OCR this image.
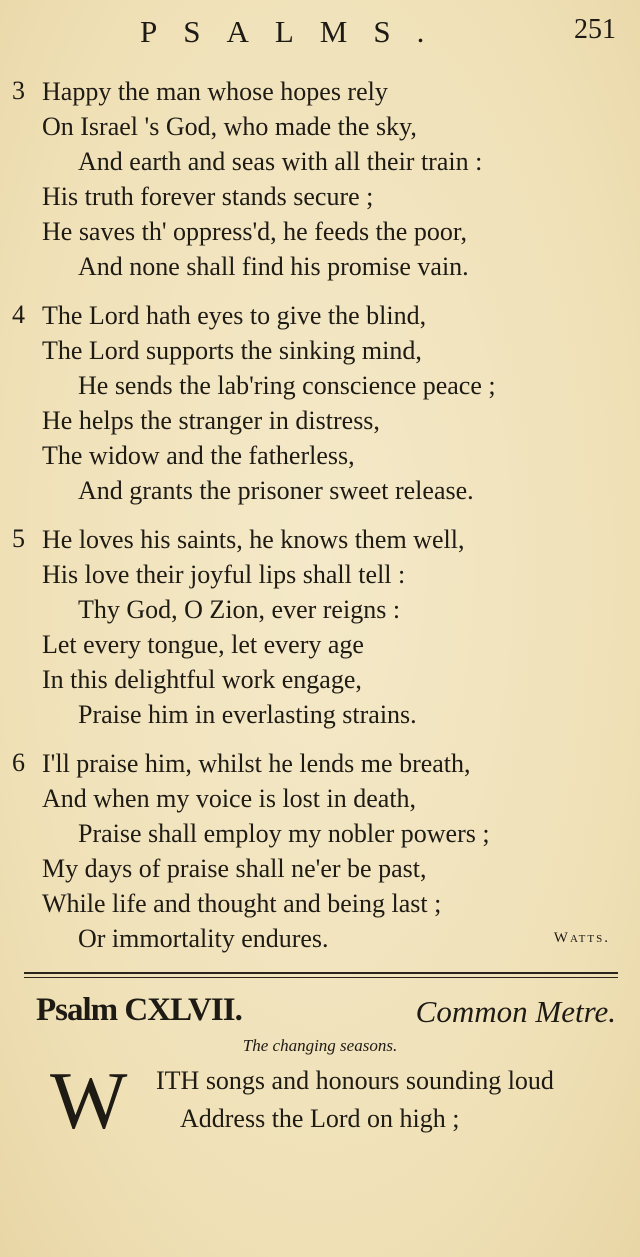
PSALMS.	251
3 Happy the man whose hopes rely
On Israel 's God, who made the sky,
And earth and seas with all their train :
His truth forever stands secure ;
He saves th' oppress'd, he feeds the poor,
And none shall find his promise vain.
4 The Lord hath eyes to give the blind,
The Lord supports the sinking mind,
He sends the lab'ring conscience peace ;
He helps the stranger in distress,
The widow and the fatherless,
And grants the prisoner sweet release.
5 He loves his saints, he knows them well,
His love their joyful lips shall tell :
Thy God, O Zion, ever reigns :
Let every tongue, let every age
In this delightful work engage,
Praise him in everlasting strains.
6 I'll praise him, whilst he lends me breath,
And when my voice is lost in death,
Praise shall employ my nobler powers ;
My days of praise shall ne'er be past,
While life and thought and being last ;
Or immortality endures.	Watts.
Psalm CXLVII.	Common Metre.
The changing seasons.
W ITH songs and honours sounding loud
Address the Lord on high ;
